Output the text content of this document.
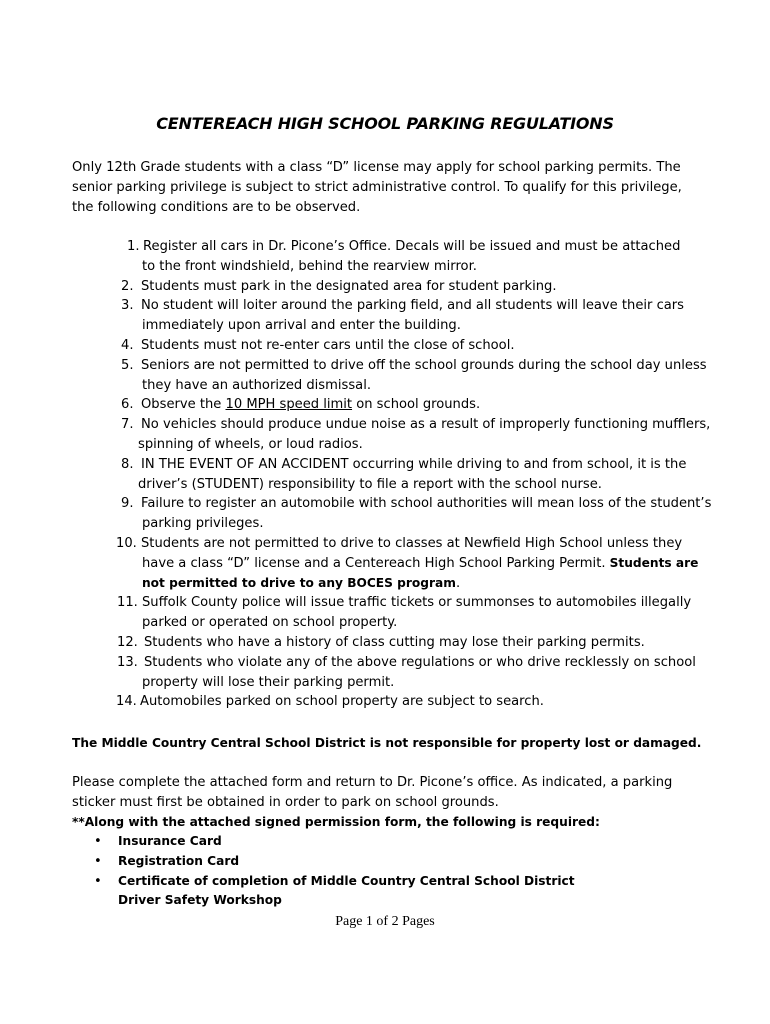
CENTEREACH HIGH SCHOOL PARKING REGULATIONS
Only 12th Grade students with a class “D” license may apply for school parking permits. The
senior parking privilege is subject to strict administrative control. To qualify for this privilege,
the following conditions are to be observed.
1. Register all cars in Dr. Picone’s Office. Decals will be issued and must be attached
to the front windshield, behind the rearview mirror.
2. Students must park in the designated area for student parking.
3. No student will loiter around the parking field, and all students will leave their cars
immediately upon arrival and enter the building.
4. Students must not re-enter cars until the close of school.
5. Seniors are not permitted to drive off the school grounds during the school day unless
they have an authorized dismissal.
6. Observe the 10 MPH speed limit on school grounds.
7. No vehicles should produce undue noise as a result of improperly functioning mufflers,
spinning of wheels, or loud radios.
8. IN THE EVENT OF AN ACCIDENT occurring while driving to and from school, it is the
driver’s (STUDENT) responsibility to file a report with the school nurse.
9. Failure to register an automobile with school authorities will mean loss of the student’s
parking privileges.
10. Students are not permitted to drive to classes at Newfield High School unless they
have a class “D” license and a Centereach High School Parking Permit. Students are
not permitted to drive to any BOCES program.
11. Suffolk County police will issue traffic tickets or summonses to automobiles illegally
parked or operated on school property.
12. Students who have a history of class cutting may lose their parking permits.
13. Students who violate any of the above regulations or who drive recklessly on school
property will lose their parking permit.
14. Automobiles parked on school property are subject to search.
The Middle Country Central School District is not responsible for property lost or damaged.
Please complete the attached form and return to Dr. Picone’s office. As indicated, a parking
sticker must first be obtained in order to park on school grounds.
**Along with the attached signed permission form, the following is required:
•	Insurance Card
•	Registration Card
•	Certificate of completion of Middle Country Central School District
Driver Safety Workshop
Page 1 of 2 Pages
